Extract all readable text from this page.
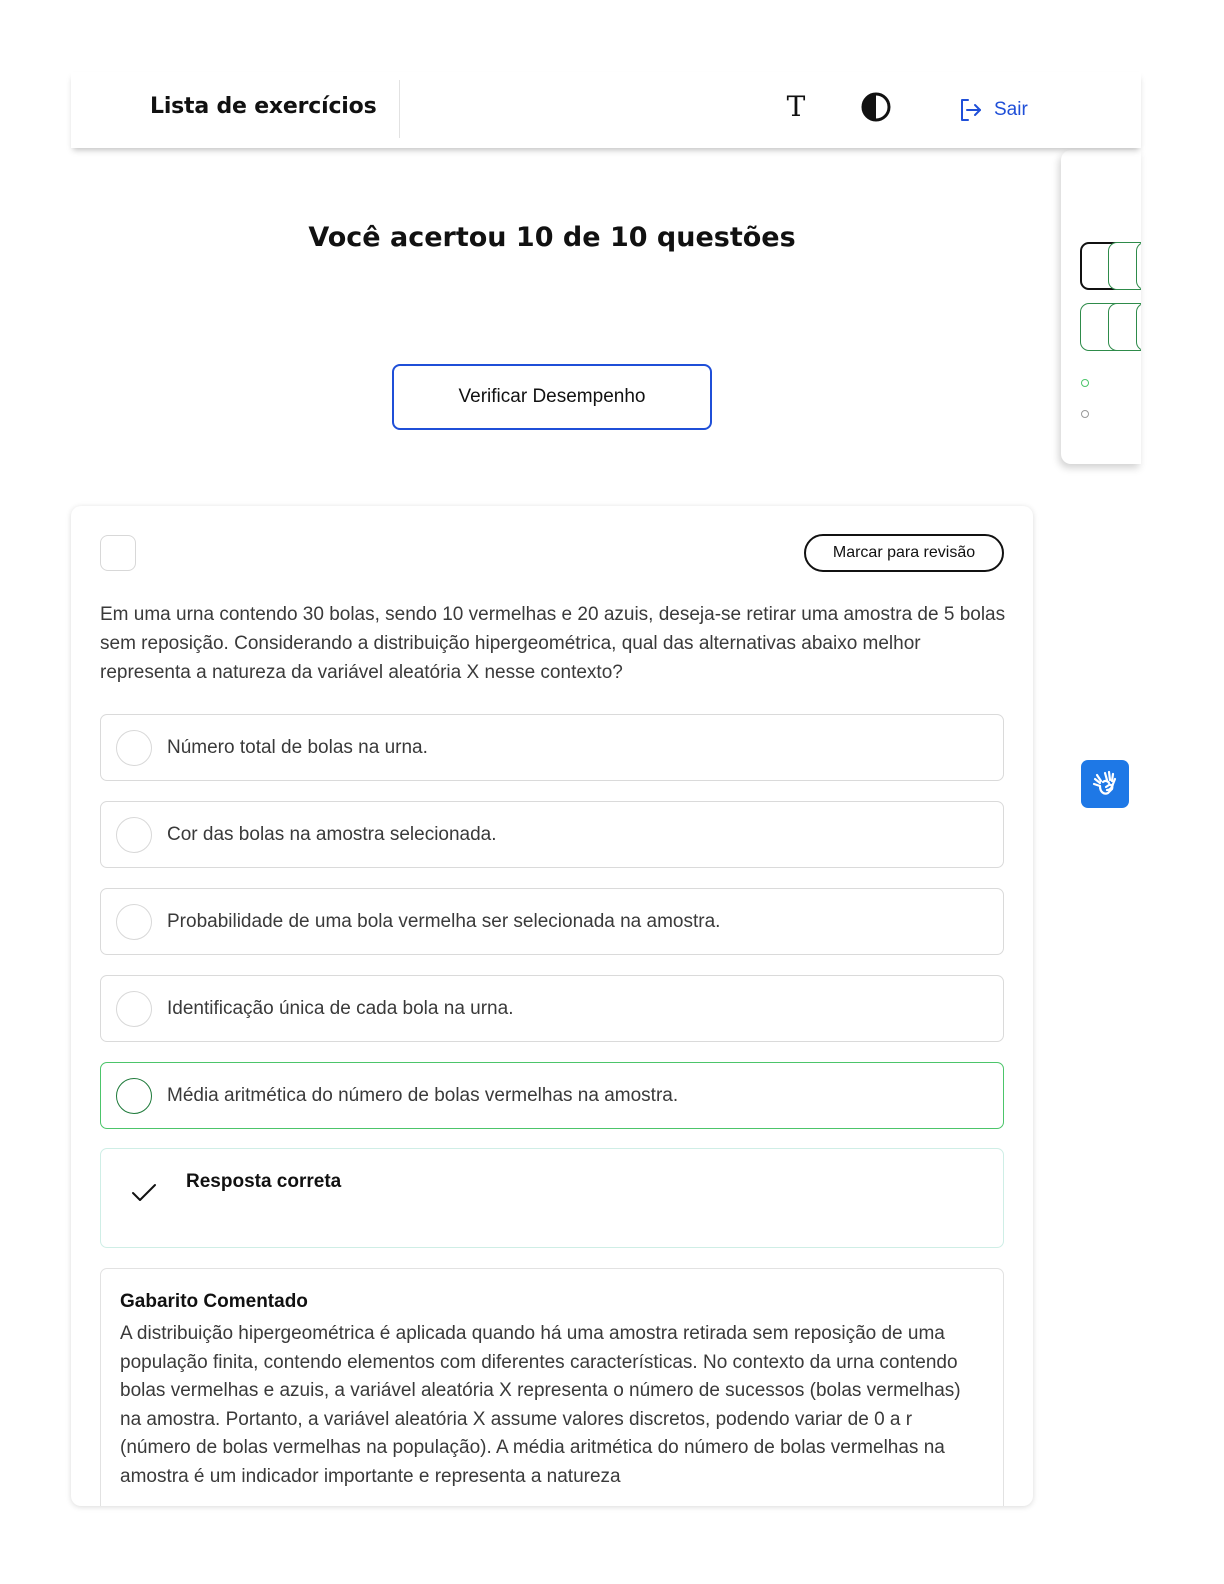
Lista de exercícios	T	Sair
Você acertou 10 de 10 questões
Verificar Desempenho
Marcar para revisão
Em uma urna contendo 30 bolas, sendo 10 vermelhas e 20 azuis, deseja-se retirar uma amostra de 5 bolas sem reposição. Considerando a distribuição hipergeométrica, qual das alternativas abaixo melhor representa a natureza da variável aleatória X nesse contexto?
Número total de bolas na urna.
Cor das bolas na amostra selecionada.
Probabilidade de uma bola vermelha ser selecionada na amostra.
Identificação única de cada bola na urna.
Média aritmética do número de bolas vermelhas na amostra.
Resposta correta
Gabarito Comentado
A distribuição hipergeométrica é aplicada quando há uma amostra retirada sem reposição de uma população finita, contendo elementos com diferentes características. No contexto da urna contendo bolas vermelhas e azuis, a variável aleatória X representa o número de sucessos (bolas vermelhas) na amostra. Portanto, a variável aleatória X assume valores discretos, podendo variar de 0 a r (número de bolas vermelhas na população). A média aritmética do número de bolas vermelhas na amostra é um indicador importante e representa a natureza
